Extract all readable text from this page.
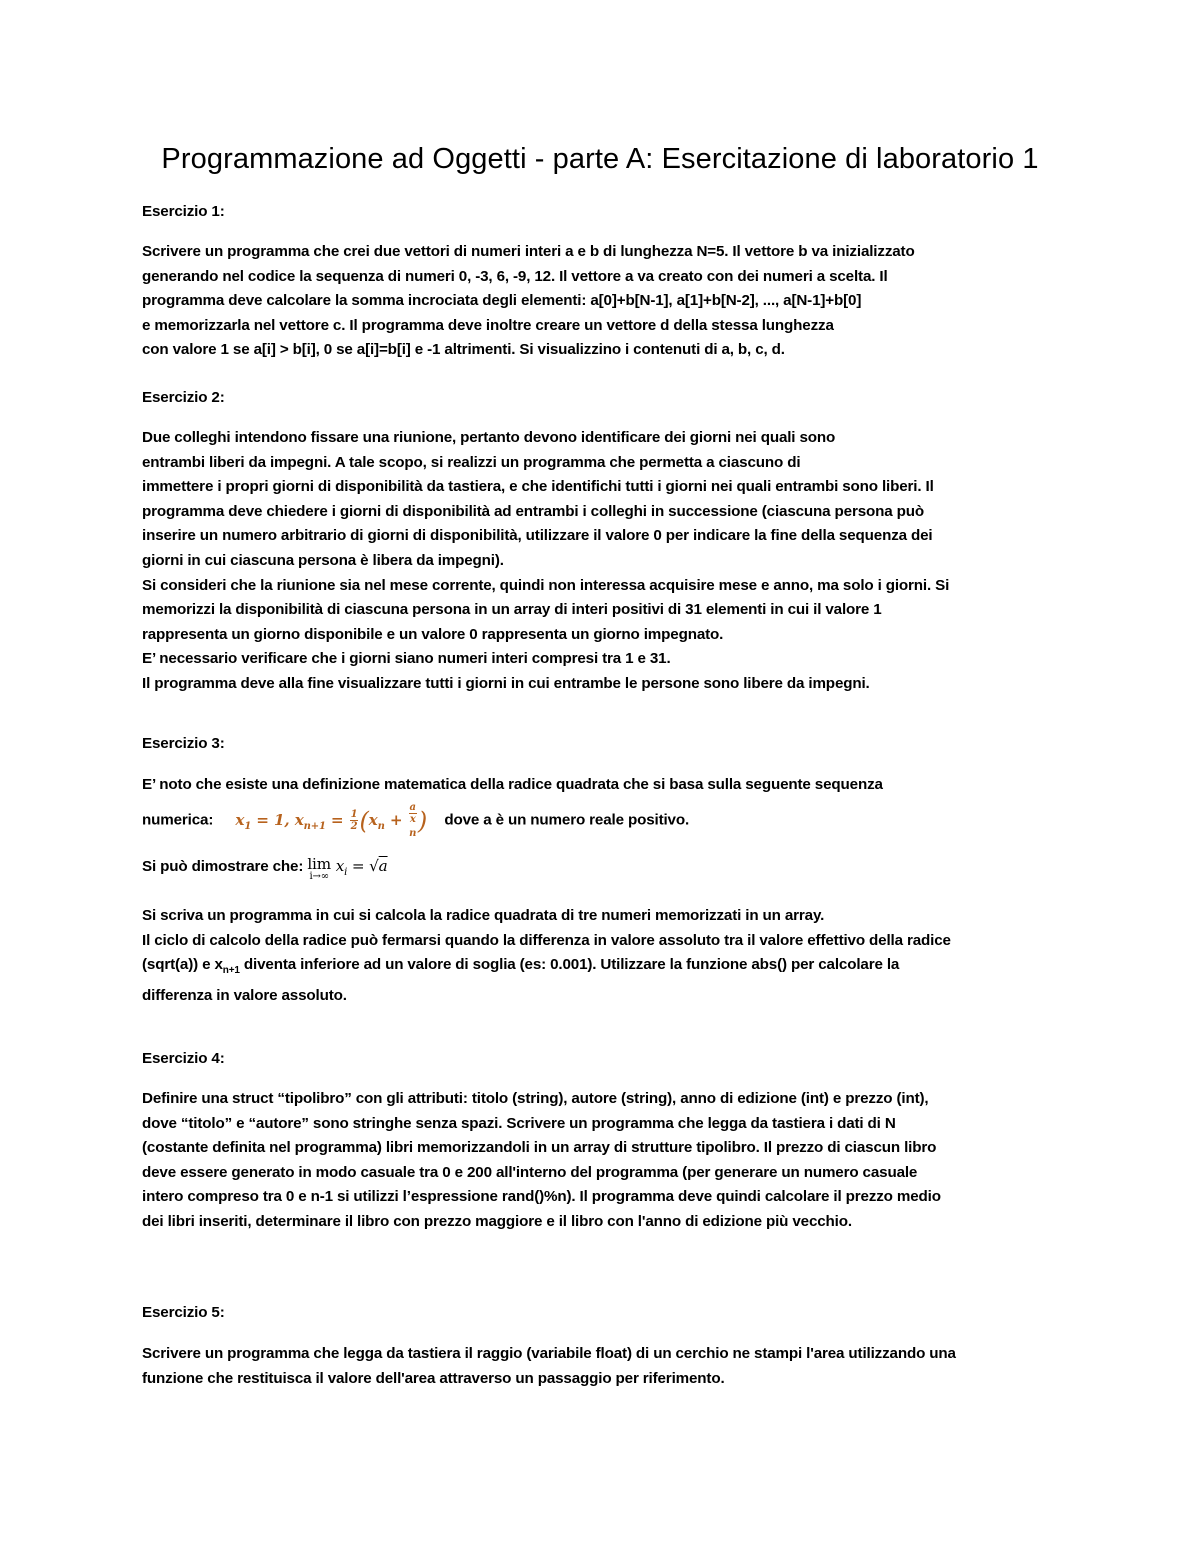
Programmazione ad Oggetti - parte A: Esercitazione di laboratorio 1
Esercizio 1:
Scrivere un programma che crei due vettori di numeri interi a e b di lunghezza N=5. Il vettore b va inizializzato
generando nel codice la sequenza di numeri 0, -3, 6, -9, 12. Il vettore a va creato con dei numeri a scelta. Il
programma deve calcolare la somma incrociata degli elementi: a[0]+b[N-1], a[1]+b[N-2], ..., a[N-1]+b[0]
e memorizzarla nel vettore c. Il programma deve inoltre creare un vettore d della stessa lunghezza
con valore 1 se a[i] > b[i], 0 se a[i]=b[i] e -1 altrimenti. Si visualizzino i contenuti di a, b, c, d.
Esercizio 2:
Due colleghi intendono fissare una riunione, pertanto devono identificare dei giorni nei quali sono
entrambi liberi da impegni. A tale scopo, si realizzi un programma che permetta a ciascuno di
immettere i propri giorni di disponibilità da tastiera, e che identifichi tutti i giorni nei quali entrambi sono liberi. Il
programma deve chiedere i giorni di disponibilità ad entrambi i colleghi in successione (ciascuna persona può
inserire un numero arbitrario di giorni di disponibilità, utilizzare il valore 0 per indicare la fine della sequenza dei
giorni in cui ciascuna persona è libera da impegni).
Si consideri che la riunione sia nel mese corrente, quindi non interessa acquisire mese e anno, ma solo i giorni. Si
memorizzi la disponibilità di ciascuna persona in un array di interi positivi di 31 elementi in cui il valore 1
rappresenta un giorno disponibile e un valore 0 rappresenta un giorno impegnato.
E’ necessario verificare che i giorni siano numeri interi compresi tra 1 e 31.
Il programma deve alla fine visualizzare tutti i giorni in cui entrambe le persone sono libere da impegni.
Esercizio 3:
E’ noto che esiste una definizione matematica della radice quadrata che si basa sulla seguente sequenza
numerica: $x_1 = 1$, $x_{n+1} = \frac{1}{2} (x_n + a$
x
$_n$ ) dove a è un numero reale positivo.
Si può dimostrare che: lim
i→∞
$x_i = √a$
Si scriva un programma in cui si calcola la radice quadrata di tre numeri memorizzati in un array.
Il ciclo di calcolo della radice può fermarsi quando la differenza in valore assoluto tra il valore effettivo della radice
(sqrt(a)) e $x_{n+1}$ diventa inferiore ad un valore di soglia (es: 0.001). Utilizzare la funzione abs() per calcolare la
differenza in valore assoluto.
Esercizio 4:
Definire una struct “tipolibro” con gli attributi: titolo (string), autore (string), anno di edizione (int) e prezzo (int),
dove “titolo” e “autore” sono stringhe senza spazi. Scrivere un programma che legga da tastiera i dati di N
(costante definita nel programma) libri memorizzandoli in un array di strutture tipolibro. Il prezzo di ciascun libro
deve essere generato in modo casuale tra 0 e 200 all'interno del programma (per generare un numero casuale
intero compreso tra 0 e n-1 si utilizzi l’espressione rand()%n). Il programma deve quindi calcolare il prezzo medio
dei libri inseriti, determinare il libro con prezzo maggiore e il libro con l'anno di edizione più vecchio.
Esercizio 5:
Scrivere un programma che legga da tastiera il raggio (variabile float) di un cerchio ne stampi l'area utilizzando una
funzione che restituisca il valore dell'area attraverso un passaggio per riferimento.
